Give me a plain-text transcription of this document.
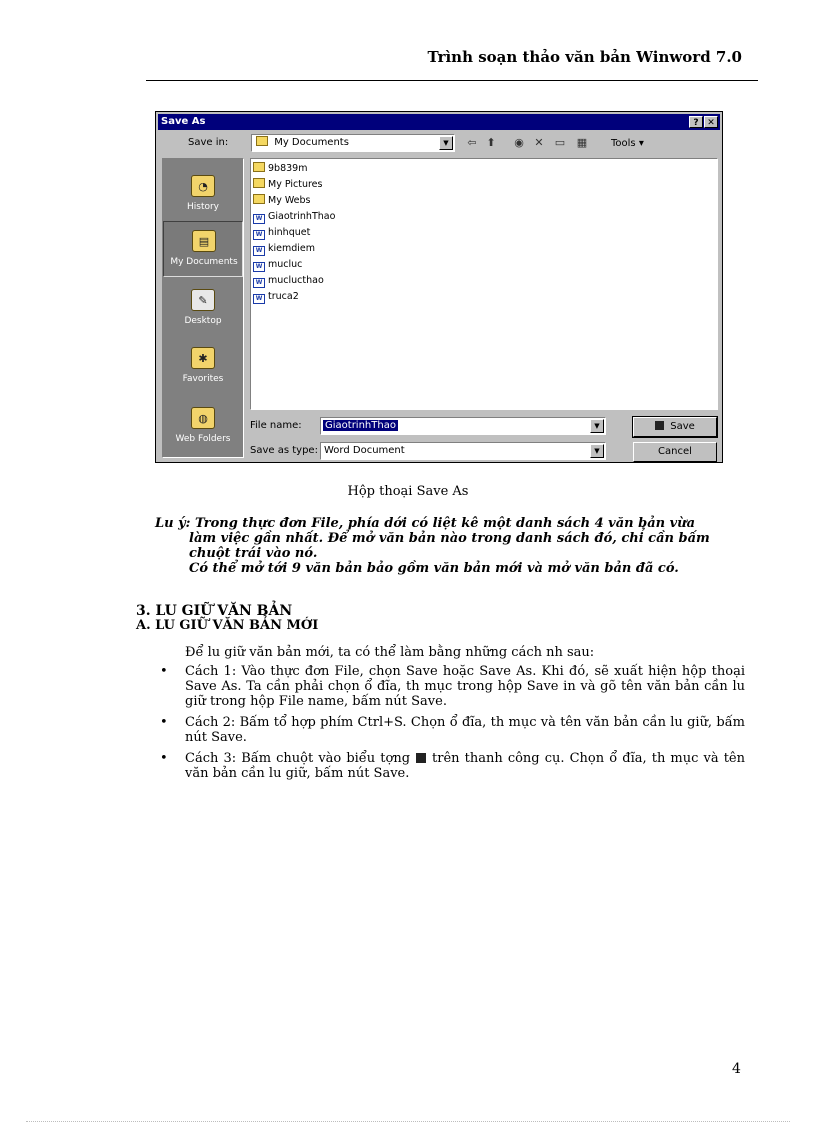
Trình soạn thảo văn bản Winword 7.0
Save As	? ✕
Save in:	My Documents	▼	⇦ ⬆	◉ ✕	▭ ▦ Tools ▾
◔
History
▤
My Documents
✎
Desktop
✱
Favorites
◍
Web Folders
9b839m
My Pictures
My Webs
W GiaotrinhThao
W hinhquet
W kiemdiem
W mucluc
W muclucthao
W truca2
File name:	GiaotrinhThao	▼
Save as type: Word Document	▼
Save
Cancel
Hộp thoại Save As
Lu ý: Trong thực đơn File, phía dới có liệt kê một danh sách 4 văn bản vừa
làm việc gần nhất. Để mở văn bản nào trong danh sách đó, chỉ cần bấm
chuột trái vào nó.
Có thể mở tới 9 văn bản bảo gồm văn bản mới và mở văn bản đã có.
3. LU GIỮ VĂN BẢN
A. LU GIỮ VĂN BẢN MỚI
Để lu giữ văn bản mới, ta có thể làm bằng những cách nh sau:
• Cách 1: Vào thực đơn File, chọn Save hoặc Save As. Khi đó, sẽ xuất hiện hộp thoại Save As. Ta cần phải chọn ổ đĩa, th mục trong hộp Save in và gõ tên văn bản cần lu giữ trong hộp File name, bấm nút Save.
• Cách 2: Bấm tổ hợp phím Ctrl+S. Chọn ổ đĩa, th mục và tên văn bản cần lu giữ, bấm nút Save.
• Cách 3: Bấm chuột vào biểu tợng trên thanh công cụ. Chọn ổ đĩa, th mục và tên văn bản cần lu giữ, bấm nút Save.
4
